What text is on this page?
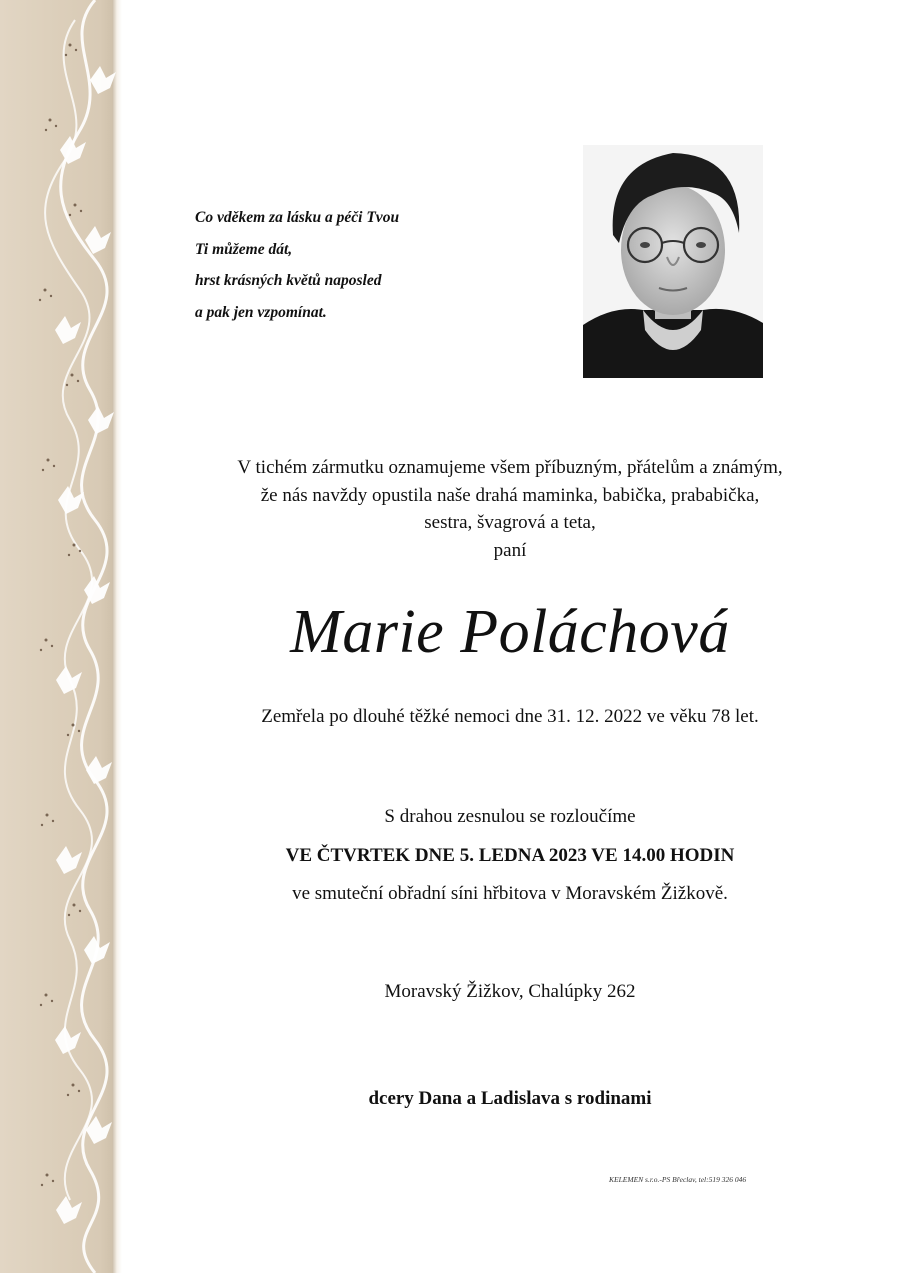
Co vděkem za lásku a péči Tvou
Ti můžeme dát,
hrst krásných květů naposled
a pak jen vzpomínat.
V tichém zármutku oznamujeme všem příbuzným, přátelům a známým,
že nás navždy opustila naše drahá maminka, babička, prababička,
sestra, švagrová a teta,
paní
Marie Poláchová
Zemřela po dlouhé těžké nemoci dne 31. 12. 2022 ve věku 78 let.
S drahou zesnulou se rozloučíme
VE ČTVRTEK DNE 5. LEDNA 2023 VE 14.00 HODIN
ve smuteční obřadní síni hřbitova v Moravském Žižkově.
Moravský Žižkov, Chalúpky 262
dcery Dana a Ladislava s rodinami
KELEMEN s.r.o.-PS Břeclav, tel:519 326 046
